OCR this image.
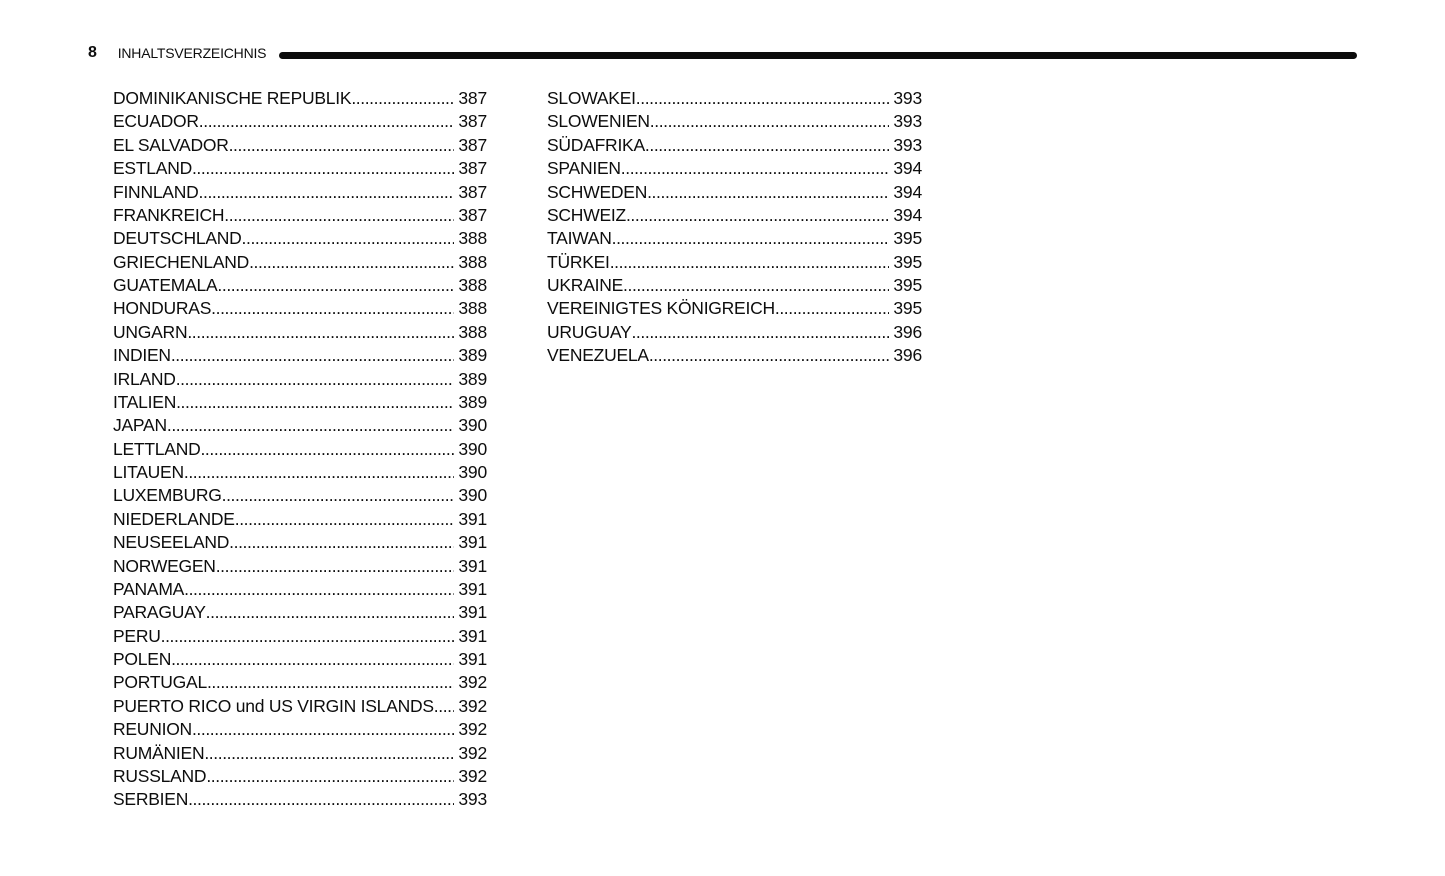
8 INHALTSVERZEICHNIS
DOMINIKANISCHE REPUBLIK .....	387
ECUADOR .....	387
EL SALVADOR .....	387
ESTLAND .....	387
FINNLAND .....	387
FRANKREICH .....	387
DEUTSCHLAND .....	388
GRIECHENLAND .....	388
GUATEMALA .....	388
HONDURAS .....	388
UNGARN .....	388
INDIEN .....	389
IRLAND .....	389
ITALIEN .....	389
JAPAN .....	390
LETTLAND .....	390
LITAUEN .....	390
LUXEMBURG .....	390
NIEDERLANDE .....	391
NEUSEELAND .....	391
NORWEGEN .....	391
PANAMA .....	391
PARAGUAY .....	391
PERU .....	391
POLEN .....	391
PORTUGAL .....	392
PUERTO RICO und US VIRGIN ISLANDS ..... 392
REUNION .....	392
RUMÄNIEN .....	392
RUSSLAND .....	392
SERBIEN .....	393
SLOWAKEI .....	393
SLOWENIEN .....	393
SÜDAFRIKA .....	393
SPANIEN .....	394
SCHWEDEN .....	394
SCHWEIZ .....	394
TAIWAN .....	395
TÜRKEI .....	395
UKRAINE .....	395
VEREINIGTES KÖNIGREICH .....	395
URUGUAY .....	396
VENEZUELA .....	396
